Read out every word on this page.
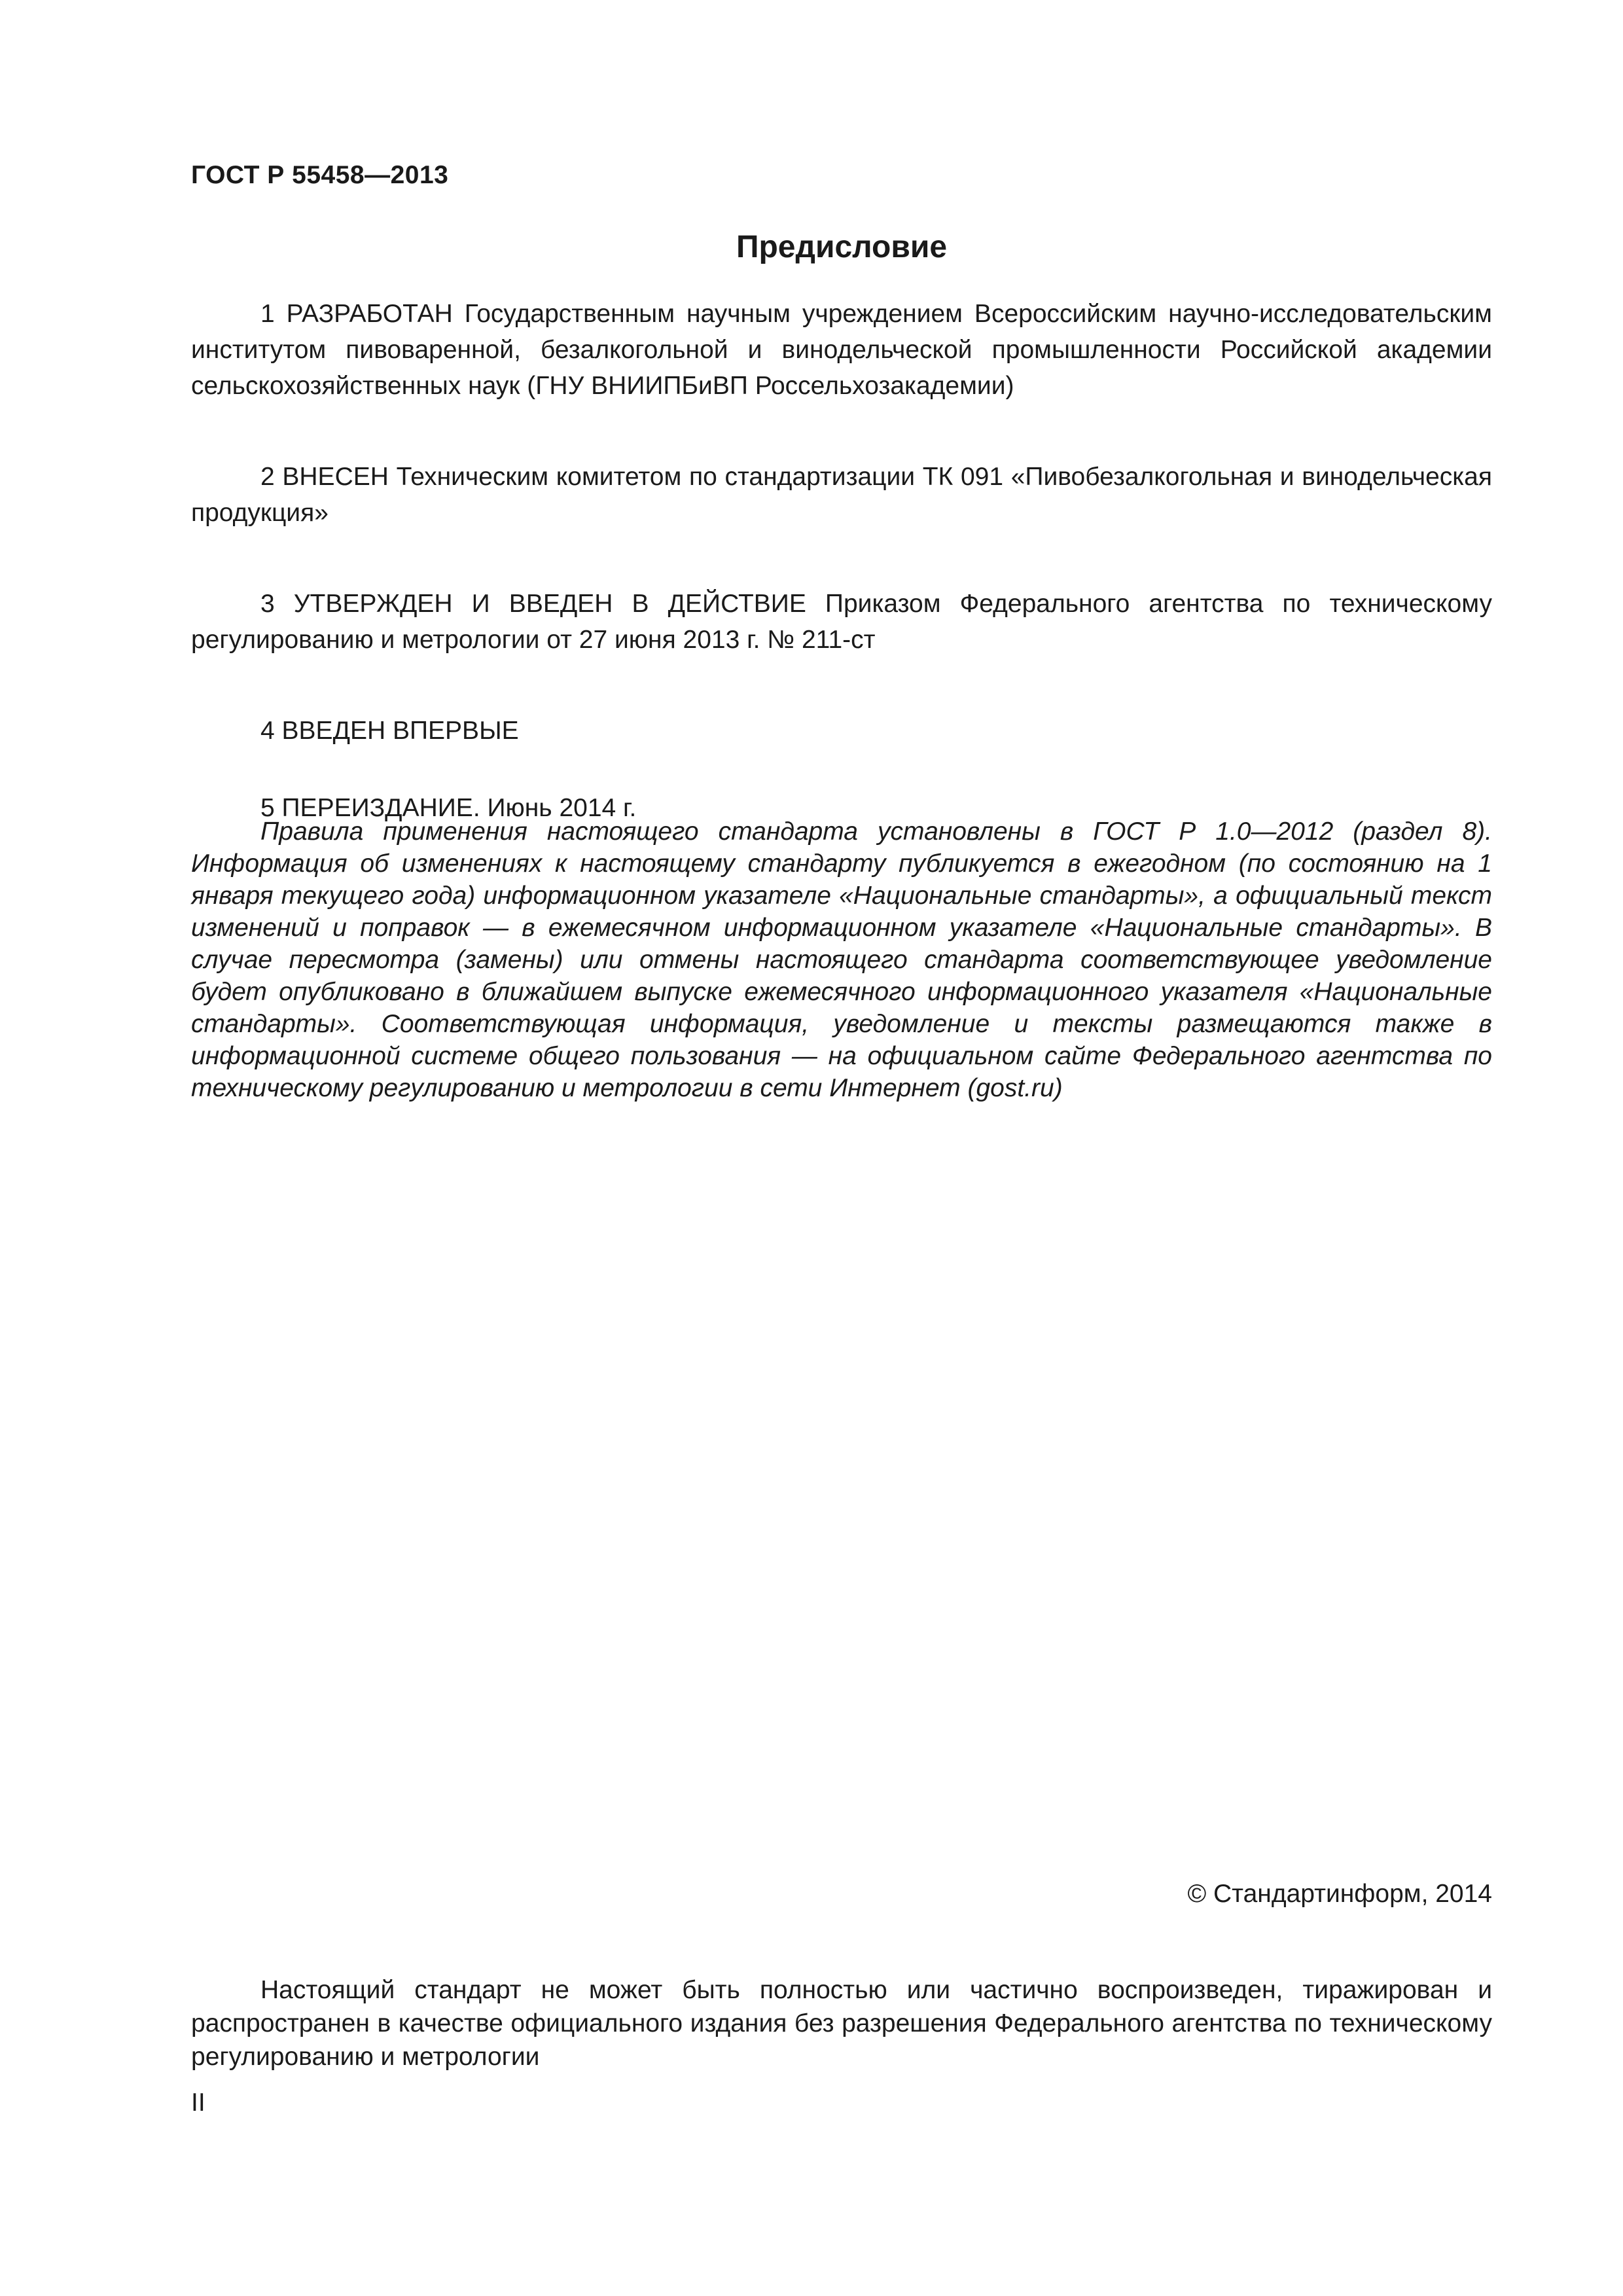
ГОСТ Р 55458—2013
Предисловие

1 РАЗРАБОТАН Государственным научным учреждением Всероссийским научно-исследовательским институтом пивоваренной, безалкогольной и винодельческой промышленности Российской академии сельскохозяйственных наук (ГНУ ВНИИПБиВП Россельхозакадемии)

2 ВНЕСЕН Техническим комитетом по стандартизации ТК 091 «Пивобезалкогольная и винодельческая продукция»

3 УТВЕРЖДЕН И ВВЕДЕН В ДЕЙСТВИЕ Приказом Федерального агентства по техническому регулированию и метрологии от 27 июня 2013 г. № 211-ст

4 ВВЕДЕН ВПЕРВЫЕ

5 ПЕРЕИЗДАНИЕ. Июнь 2014 г.

Правила применения настоящего стандарта установлены в ГОСТ Р 1.0—2012 (раздел 8). Информация об изменениях к настоящему стандарту публикуется в ежегодном (по состоянию на 1 января текущего года) информационном указателе «Национальные стандарты», а официальный текст изменений и поправок — в ежемесячном информационном указателе «Национальные стандарты». В случае пересмотра (замены) или отмены настоящего стандарта соответствующее уведомление будет опубликовано в ближайшем выпуске ежемесячного информационного указателя «Национальные стандарты». Соответствующая информация, уведомление и тексты размещаются также в информационной системе общего пользования — на официальном сайте Федерального агентства по техническому регулированию и метрологии в сети Интернет (gost.ru)

© Стандартинформ, 2014

Настоящий стандарт не может быть полностью или частично воспроизведен, тиражирован и распространен в качестве официального издания без разрешения Федерального агентства по техническому регулированию и метрологии

II
